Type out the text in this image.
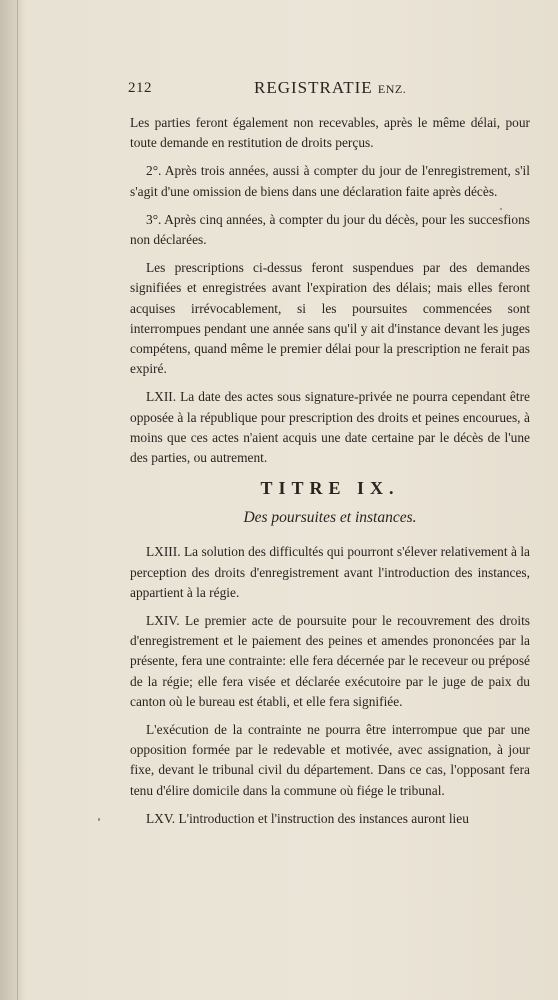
212	REGISTRATIE ENZ.

Les parties feront également non recevables, après le même délai, pour toute demande en restitution de droits perçus.

2°. Après trois années, aussi à compter du jour de l'enregistrement, s'il s'agit d'une omission de biens dans une déclaration faite après décès.

3°. Après cinq années, à compter du jour du décès, pour les succesfions non déclarées.

Les prescriptions ci-dessus feront suspendues par des demandes signifiées et enregistrées avant l'expiration des délais; mais elles feront acquises irrévocablement, si les poursuites commencées sont interrompues pendant une année sans qu'il y ait d'instance devant les juges compétens, quand même le premier délai pour la prescription ne ferait pas expiré.

LXII. La date des actes sous signature-privée ne pourra cependant être opposée à la république pour prescription des droits et peines encourues, à moins que ces actes n'aient acquis une date certaine par le décès de l'une des parties, ou autrement.

TITRE IX.

Des poursuites et instances.

LXIII. La solution des difficultés qui pourront s'élever relativement à la perception des droits d'enregistrement avant l'introduction des instances, appartient à la régie.

LXIV. Le premier acte de poursuite pour le recouvrement des droits d'enregistrement et le paiement des peines et amendes prononcées par la présente, fera une contrainte: elle fera décernée par le receveur ou préposé de la régie; elle fera visée et déclarée exécutoire par le juge de paix du canton où le bureau est établi, et elle fera signifiée.

L'exécution de la contrainte ne pourra être interrompue que par une opposition formée par le redevable et motivée, avec assignation, à jour fixe, devant le tribunal civil du département. Dans ce cas, l'opposant fera tenu d'élire domicile dans la commune où fiége le tribunal.

LXV. L'introduction et l'instruction des instances auront lieu
